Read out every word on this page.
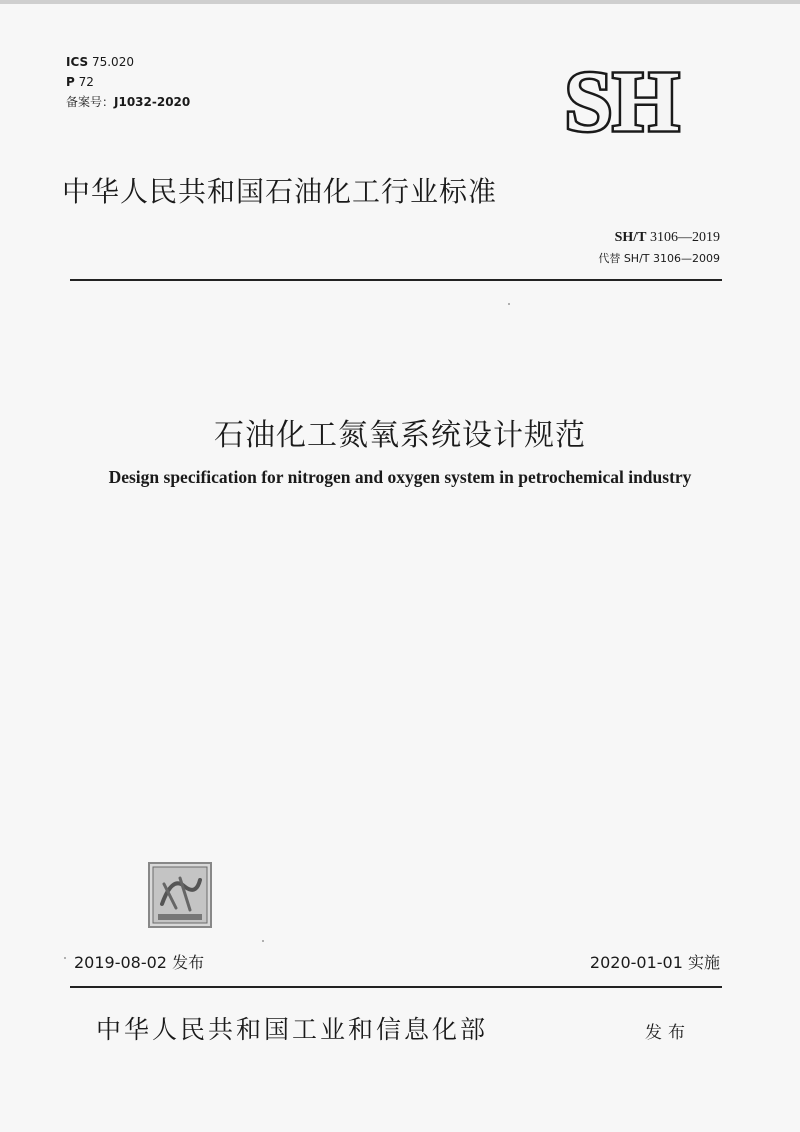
ICS 75.020
P 72
备案号：J1032-2020	SH
中华人民共和国石油化工行业标准
SH/T 3106—2019
代替 SH/T 3106—2009
石油化工氮氧系统设计规范
Design specification for nitrogen and oxygen system in petrochemical industry
2019-08-02 发布	2020-01-01 实施
中华人民共和国工业和信息化部	发布
